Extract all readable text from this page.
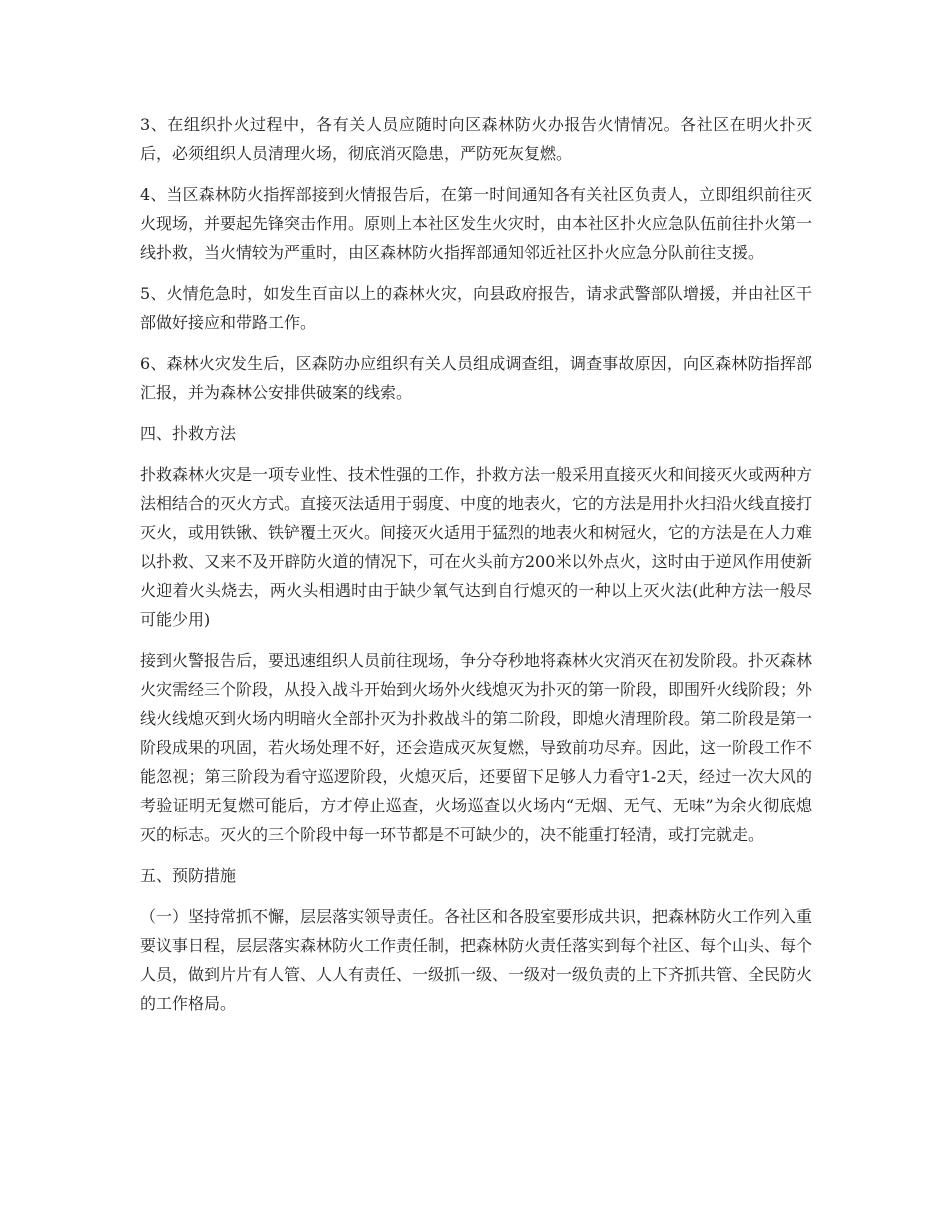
3、在组织扑火过程中，各有关人员应随时向区森林防火办报告火情情况。各社区在明火扑灭后，必须组织人员清理火场，彻底消灭隐患，严防死灰复燃。

4、当区森林防火指挥部接到火情报告后，在第一时间通知各有关社区负责人，立即组织前往灭火现场，并要起先锋突击作用。原则上本社区发生火灾时，由本社区扑火应急队伍前往扑火第一线扑救，当火情较为严重时，由区森林防火指挥部通知邻近社区扑火应急分队前往支援。

5、火情危急时，如发生百亩以上的森林火灾，向县政府报告，请求武警部队增援，并由社区干部做好接应和带路工作。

6、森林火灾发生后，区森防办应组织有关人员组成调查组，调查事故原因，向区森林防指挥部汇报，并为森林公安排供破案的线索。

四、扑救方法

扑救森林火灾是一项专业性、技术性强的工作，扑救方法一般采用直接灭火和间接灭火或两种方法相结合的灭火方式。直接灭法适用于弱度、中度的地表火，它的方法是用扑火扫沿火线直接打灭火，或用铁锹、铁铲覆土灭火。间接灭火适用于猛烈的地表火和树冠火，它的方法是在人力难以扑救、又来不及开辟防火道的情况下，可在火头前方200米以外点火，这时由于逆风作用使新火迎着火头烧去，两火头相遇时由于缺少氧气达到自行熄灭的一种以上灭火法(此种方法一般尽可能少用)

接到火警报告后，要迅速组织人员前往现场，争分夺秒地将森林火灾消灭在初发阶段。扑灭森林火灾需经三个阶段，从投入战斗开始到火场外火线熄灭为扑灭的第一阶段，即围歼火线阶段；外线火线熄灭到火场内明暗火全部扑灭为扑救战斗的第二阶段，即熄火清理阶段。第二阶段是第一阶段成果的巩固，若火场处理不好，还会造成灭灰复燃，导致前功尽弃。因此，这一阶段工作不能忽视；第三阶段为看守巡逻阶段，火熄灭后，还要留下足够人力看守1-2天，经过一次大风的考验证明无复燃可能后，方才停止巡查，火场巡查以火场内“无烟、无气、无味”为余火彻底熄灭的标志。灭火的三个阶段中每一环节都是不可缺少的，决不能重打轻清，或打完就走。

五、预防措施

（一）坚持常抓不懈，层层落实领导责任。各社区和各股室要形成共识，把森林防火工作列入重要议事日程，层层落实森林防火工作责任制，把森林防火责任落实到每个社区、每个山头、每个人员，做到片片有人管、人人有责任、一级抓一级、一级对一级负责的上下齐抓共管、全民防火的工作格局。
